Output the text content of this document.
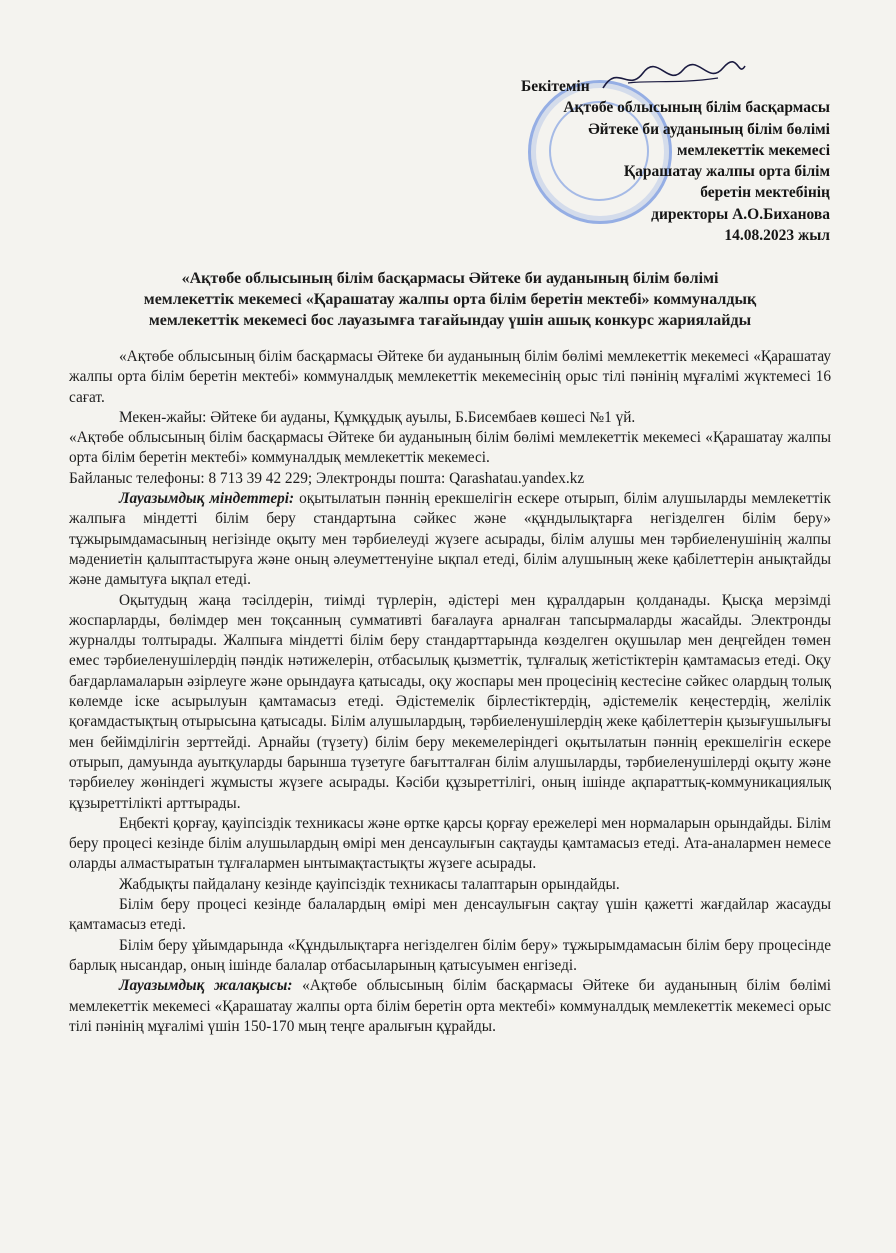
Бекітемін
Ақтөбе облысының білім басқармасы
Әйтеке би ауданының білім бөлімі
мемлекеттік мекемесі
Қарашатау жалпы орта білім
беретін мектебінің
директоры А.О.Биханова
14.08.2023 жыл
«Ақтөбе облысының білім басқармасы Әйтеке би ауданының білім бөлімі
мемлекеттік мекемесі «Қарашатау жалпы орта білім беретін мектебі» коммуналдық
мемлекеттік мекемесі бос лауазымға тағайындау үшін ашық конкурс жариялайды

«Ақтөбе облысының білім басқармасы Әйтеке би ауданының білім бөлімі мемлекеттік мекемесі «Қарашатау жалпы орта білім беретін мектебі» коммуналдық мемлекеттік мекемесінің орыс тілі пәнінің мұғалімі жүктемесі 16 сағат.

Мекен-жайы: Әйтеке би ауданы, Құмқұдық ауылы, Б.Бисембаев көшесі №1 үй.

«Ақтөбе облысының білім басқармасы Әйтеке би ауданының білім бөлімі мемлекеттік мекемесі «Қарашатау жалпы орта білім беретін мектебі» коммуналдық мемлекеттік мекемесі.

Байланыс телефоны: 8 713 39 42 229; Электронды пошта: Qarashatau.yandex.kz

Лауазымдық міндеттері: оқытылатын пәннің ерекшелігін ескере отырып, білім алушыларды мемлекеттік жалпыға міндетті білім беру стандартына сәйкес және «құндылықтарға негізделген білім беру» тұжырымдамасының негізінде оқыту мен тәрбиелеуді жүзеге асырады, білім алушы мен тәрбиеленушінің жалпы мәдениетін қалыптастыруға және оның әлеуметтенуіне ықпал етеді, білім алушының жеке қабілеттерін анықтайды және дамытуға ықпал етеді.

Оқытудың жаңа тәсілдерін, тиімді түрлерін, әдістері мен құралдарын қолданады. Қысқа мерзімді жоспарларды, бөлімдер мен тоқсанның суммативті бағалауға арналған тапсырмаларды жасайды. Электронды журналды толтырады. Жалпыға міндетті білім беру стандарттарында көзделген оқушылар мен деңгейден төмен емес тәрбиеленушілердің пәндік нәтижелерін, отбасылық қызметтік, тұлғалық жетістіктерін қамтамасыз етеді. Оқу бағдарламаларын әзірлеуге және орындауға қатысады, оқу жоспары мен процесінің кестесіне сәйкес олардың толық көлемде іске асырылуын қамтамасыз етеді. Әдістемелік бірлестіктердің, әдістемелік кеңестердің, желілік қоғамдастықтың отырысына қатысады. Білім алушылардың, тәрбиеленушілердің жеке қабілеттерін қызығушылығы мен бейімділігін зерттейді. Арнайы (түзету) білім беру мекемелеріндегі оқытылатын пәннің ерекшелігін ескере отырып, дамуында ауытқуларды барынша түзетуге бағытталған білім алушыларды, тәрбиеленушілерді оқыту және тәрбиелеу жөніндегі жұмысты жүзеге асырады. Кәсіби құзыреттілігі, оның ішінде ақпараттық-коммуникациялық құзыреттілікті арттырады.

Еңбекті қорғау, қауіпсіздік техникасы және өртке қарсы қорғау ережелері мен нормаларын орындайды. Білім беру процесі кезінде білім алушылардың өмірі мен денсаулығын сақтауды қамтамасыз етеді. Ата-аналармен немесе оларды алмастыратын тұлғалармен ынтымақтастықты жүзеге асырады.

Жабдықты пайдалану кезінде қауіпсіздік техникасы талаптарын орындайды.

Білім беру процесі кезінде балалардың өмірі мен денсаулығын сақтау үшін қажетті жағдайлар жасауды қамтамасыз етеді.

Білім беру ұйымдарында «Құндылықтарға негізделген білім беру» тұжырымдамасын білім беру процесінде барлық нысандар, оның ішінде балалар отбасыларының қатысуымен енгізеді.

Лауазымдық жалақысы: «Ақтөбе облысының білім басқармасы Әйтеке би ауданының білім бөлімі мемлекеттік мекемесі «Қарашатау жалпы орта білім беретін орта мектебі» коммуналдық мемлекеттік мекемесі орыс тілі пәнінің мұғалімі үшін 150-170 мың теңге аралығын құрайды.
